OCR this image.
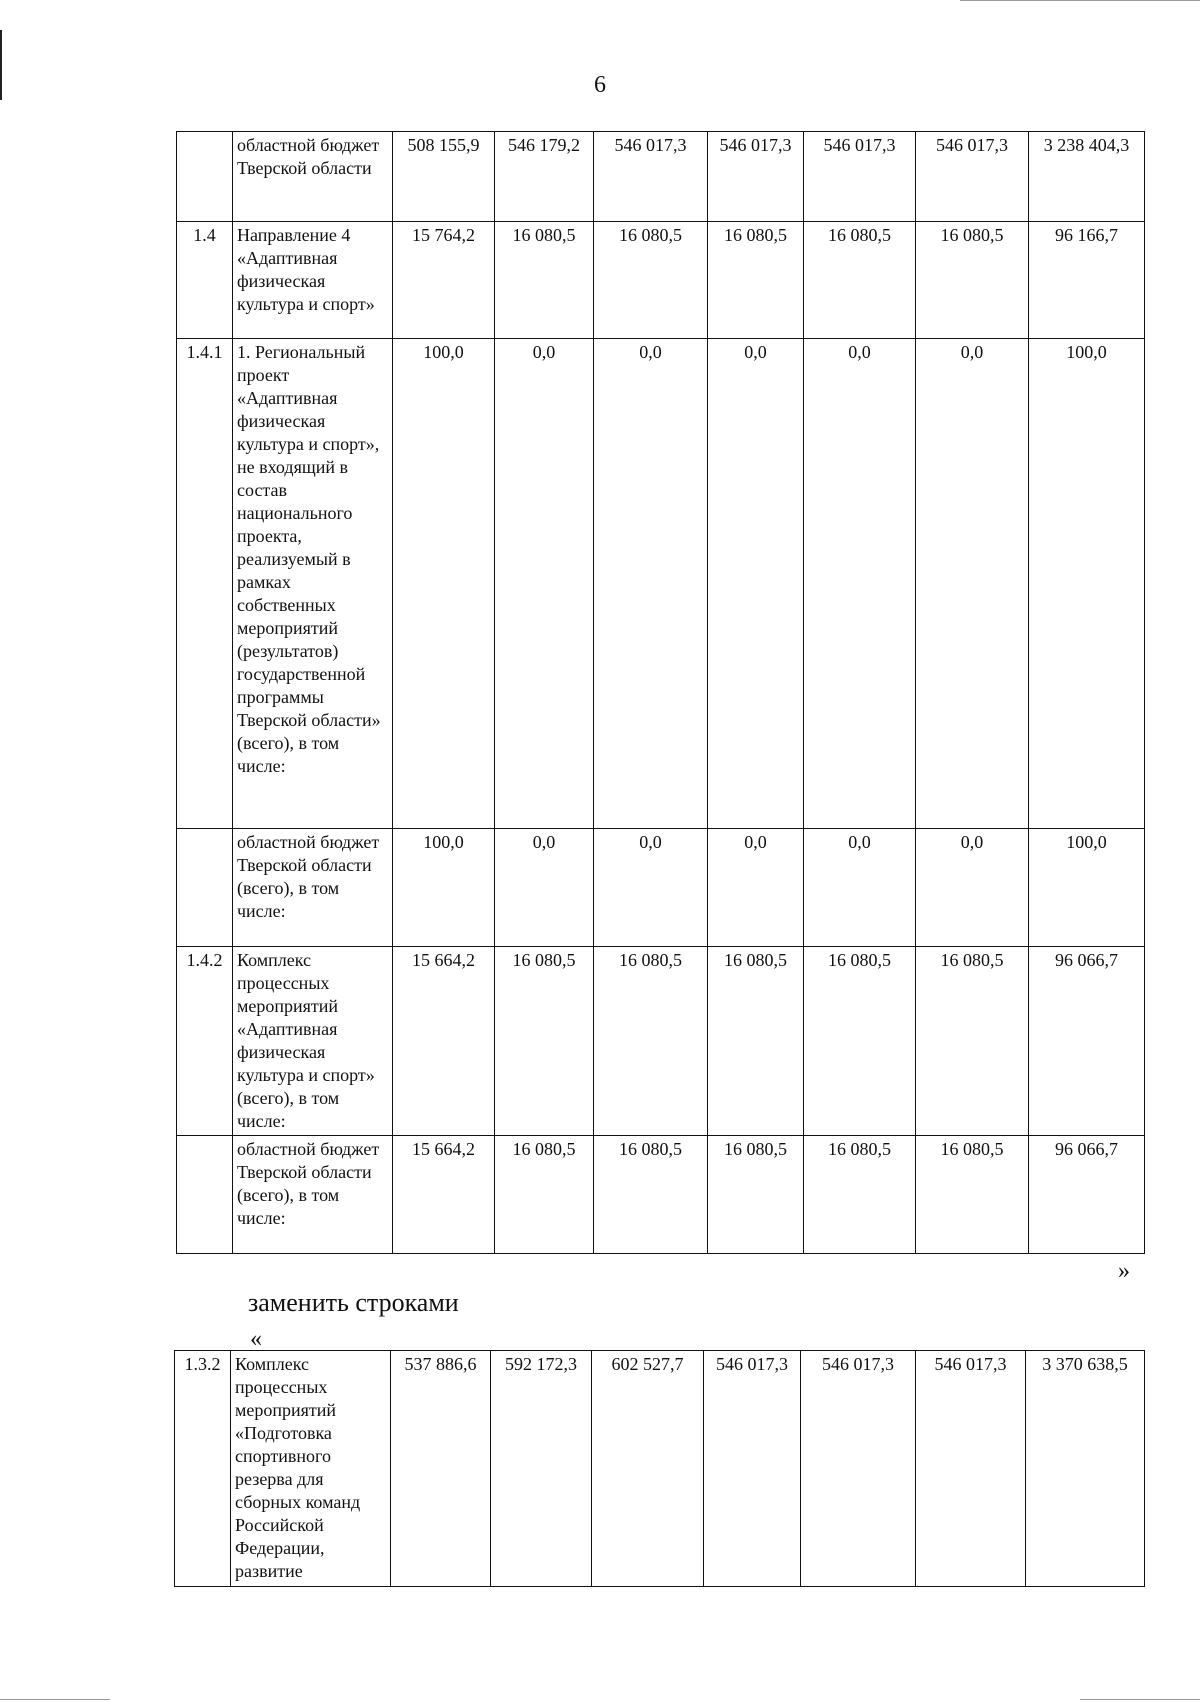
6
	областной бюджет Тверской области	508 155,9	546 179,2	546 017,3	546 017,3	546 017,3	546 017,3	3 238 404,3
1.4	Направление 4 «Адаптивная физическая культура и спорт»	15 764,2	16 080,5	16 080,5	16 080,5	16 080,5	16 080,5	96 166,7
1.4.1	1. Региональный проект «Адаптивная физическая культура и спорт», не входящий в состав национального проекта, реализуемый в рамках собственных мероприятий (результатов) государственной программы Тверской области» (всего), в том числе:	100,0	0,0	0,0	0,0	0,0	0,0	100,0
	областной бюджет Тверской области (всего), в том числе:	100,0	0,0	0,0	0,0	0,0	0,0	100,0
1.4.2	Комплекс процессных мероприятий «Адаптивная физическая культура и спорт» (всего), в том числе:	15 664,2	16 080,5	16 080,5	16 080,5	16 080,5	16 080,5	96 066,7
	областной бюджет Тверской области (всего), в том числе:	15 664,2	16 080,5	16 080,5	16 080,5	16 080,5	16 080,5	96 066,7
»
заменить строками
«
1.3.2	Комплекс процессных мероприятий «Подготовка спортивного резерва для сборных команд Российской Федерации, развитие	537 886,6	592 172,3	602 527,7	546 017,3	546 017,3	546 017,3	3 370 638,5
